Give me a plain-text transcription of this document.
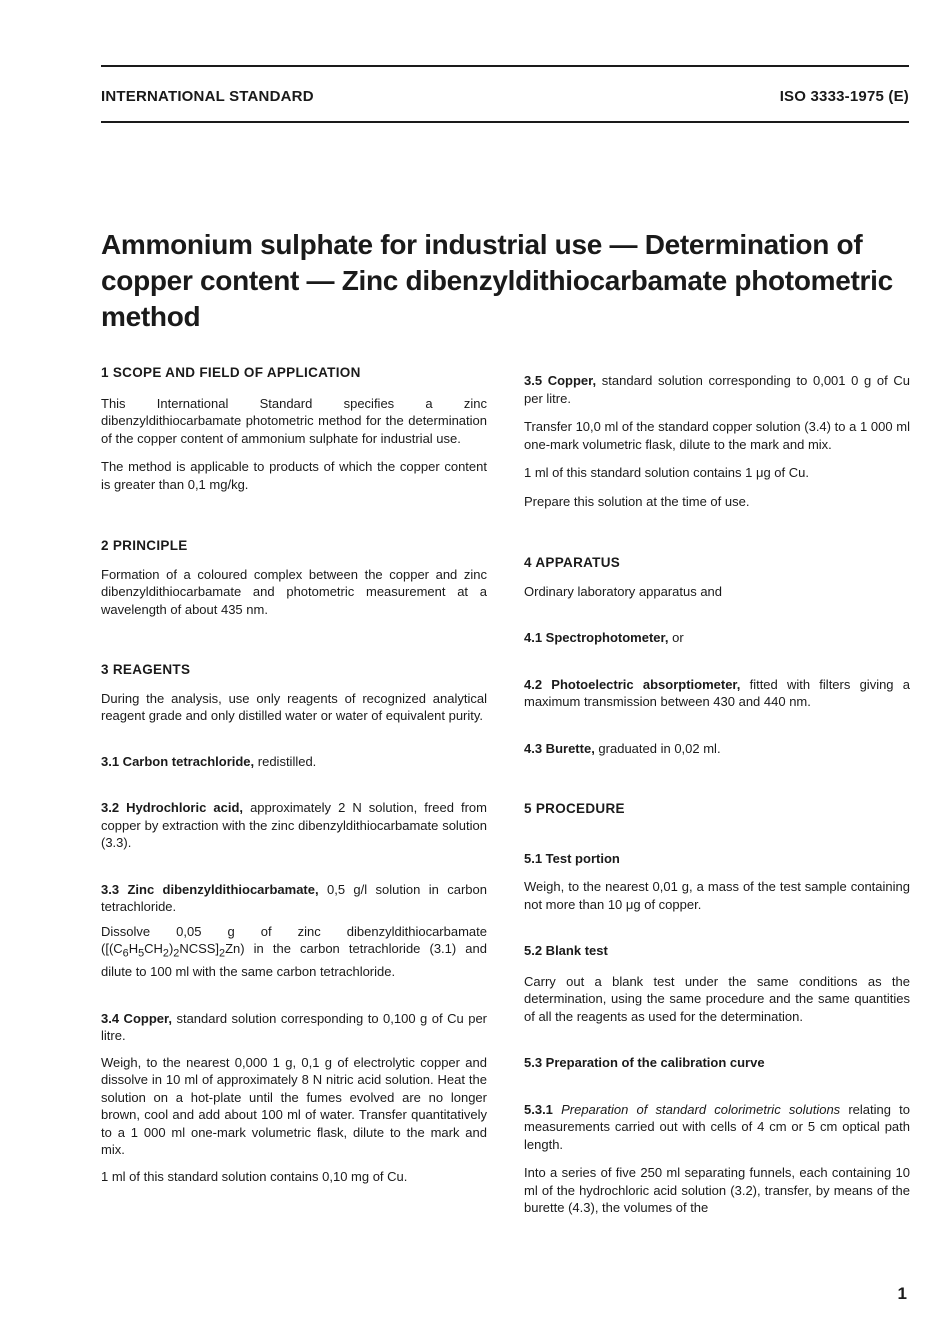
INTERNATIONAL STANDARD	ISO 3333-1975 (E)
Ammonium sulphate for industrial use — Determination of copper content — Zinc dibenzyldithiocarbamate photometric method
1 SCOPE AND FIELD OF APPLICATION

This International Standard specifies a zinc dibenzyldithiocarbamate photometric method for the determination of the copper content of ammonium sulphate for industrial use.

The method is applicable to products of which the copper content is greater than 0,1 mg/kg.

2 PRINCIPLE

Formation of a coloured complex between the copper and zinc dibenzyldithiocarbamate and photometric measurement at a wavelength of about 435 nm.

3 REAGENTS

During the analysis, use only reagents of recognized analytical reagent grade and only distilled water or water of equivalent purity.

3.1 Carbon tetrachloride, redistilled.

3.2 Hydrochloric acid, approximately 2 N solution, freed from copper by extraction with the zinc dibenzyldithiocarbamate solution (3.3).

3.3 Zinc dibenzyldithiocarbamate, 0,5 g/l solution in carbon tetrachloride.

Dissolve 0,05 g of zinc dibenzyldithiocarbamate $([(C_6H_5CH_2)_2NCSS]_2Zn)$ in the carbon tetrachloride (3.1) and dilute to 100 ml with the same carbon tetrachloride.

3.4 Copper, standard solution corresponding to 0,100 g of Cu per litre.

Weigh, to the nearest 0,000 1 g, 0,1 g of electrolytic copper and dissolve in 10 ml of approximately 8 N nitric acid solution. Heat the solution on a hot-plate until the fumes evolved are no longer brown, cool and add about 100 ml of water. Transfer quantitatively to a 1 000 ml one-mark volumetric flask, dilute to the mark and mix.

1 ml of this standard solution contains 0,10 mg of Cu.

3.5 Copper, standard solution corresponding to 0,001 0 g of Cu per litre.

Transfer 10,0 ml of the standard copper solution (3.4) to a 1 000 ml one-mark volumetric flask, dilute to the mark and mix.

1 ml of this standard solution contains 1 μg of Cu.

Prepare this solution at the time of use.

4 APPARATUS

Ordinary laboratory apparatus and

4.1 Spectrophotometer, or

4.2 Photoelectric absorptiometer, fitted with filters giving a maximum transmission between 430 and 440 nm.

4.3 Burette, graduated in 0,02 ml.

5 PROCEDURE
5.1 Test portion

Weigh, to the nearest 0,01 g, a mass of the test sample containing not more than 10 μg of copper.

5.2 Blank test

Carry out a blank test under the same conditions as the determination, using the same procedure and the same quantities of all the reagents as used for the determination.

5.3 Preparation of the calibration curve

5.3.1 Preparation of standard colorimetric solutions relating to measurements carried out with cells of 4 cm or 5 cm optical path length.

Into a series of five 250 ml separating funnels, each containing 10 ml of the hydrochloric acid solution (3.2), transfer, by means of the burette (4.3), the volumes of the

1
